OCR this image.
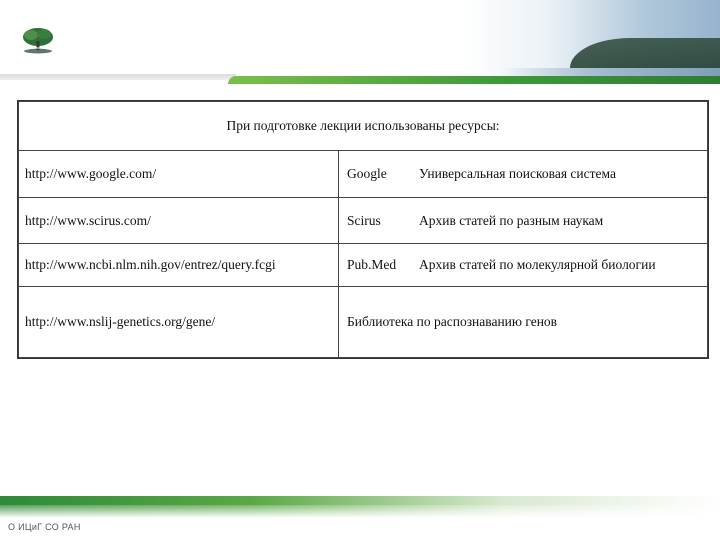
При подготовке лекции использованы ресурсы:	
http://www.google.com/	Google Универсальная поисковая система
http://www.scirus.com/	Scirus Архив статей по разным наукам
http://www.ncbi.nlm.nih.gov/entrez/query.fcgi	Pub.Med Архив статей по молекулярной биологии
http://www.nslij-genetics.org/gene/	Библиотека по распознаванию генов
О ИЦиГ СО РАН
